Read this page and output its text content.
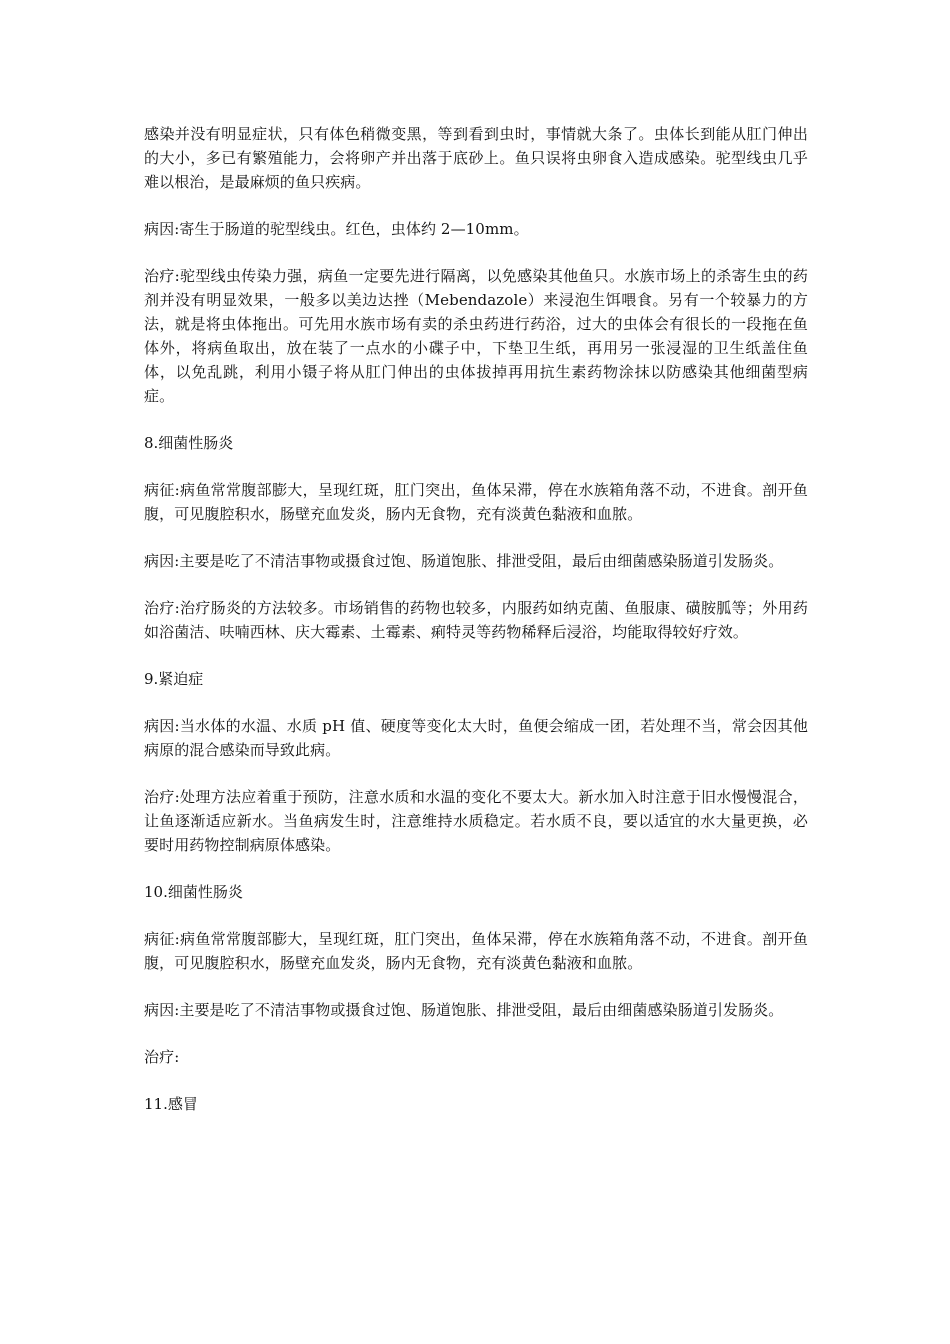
感染并没有明显症状，只有体色稍微变黑，等到看到虫时，事情就大条了。虫体长到能从肛门伸出的大小，多已有繁殖能力，会将卵产并出落于底砂上。鱼只误将虫卵食入造成感染。驼型线虫几乎难以根治，是最麻烦的鱼只疾病。

病因:寄生于肠道的驼型线虫。红色，虫体约 2—10mm。

治疗:驼型线虫传染力强，病鱼一定要先进行隔离，以免感染其他鱼只。水族市场上的杀寄生虫的药剂并没有明显效果，一般多以美边达挫（Mebendazole）来浸泡生饵喂食。另有一个较暴力的方法，就是将虫体拖出。可先用水族市场有卖的杀虫药进行药浴，过大的虫体会有很长的一段拖在鱼体外，将病鱼取出，放在装了一点水的小碟子中，下垫卫生纸，再用另一张浸湿的卫生纸盖住鱼体，以免乱跳，利用小镊子将从肛门伸出的虫体拔掉再用抗生素药物涂抹以防感染其他细菌型病症。

8.细菌性肠炎

病征:病鱼常常腹部膨大，呈现红斑，肛门突出，鱼体呆滞，停在水族箱角落不动，不进食。剖开鱼腹，可见腹腔积水，肠壁充血发炎，肠内无食物，充有淡黄色黏液和血脓。

病因:主要是吃了不清洁事物或摄食过饱、肠道饱胀、排泄受阻，最后由细菌感染肠道引发肠炎。

治疗:治疗肠炎的方法较多。市场销售的药物也较多，内服药如纳克菌、鱼服康、磺胺胍等；外用药如浴菌洁、呋喃西林、庆大霉素、土霉素、痢特灵等药物稀释后浸浴，均能取得较好疗效。

9.紧迫症

病因:当水体的水温、水质 pH 值、硬度等变化太大时，鱼便会缩成一团，若处理不当，常会因其他病原的混合感染而导致此病。

治疗:处理方法应着重于预防，注意水质和水温的变化不要太大。新水加入时注意于旧水慢慢混合，让鱼逐渐适应新水。当鱼病发生时，注意维持水质稳定。若水质不良，要以适宜的水大量更换，必要时用药物控制病原体感染。

10.细菌性肠炎

病征:病鱼常常腹部膨大，呈现红斑，肛门突出，鱼体呆滞，停在水族箱角落不动，不进食。剖开鱼腹，可见腹腔积水，肠壁充血发炎，肠内无食物，充有淡黄色黏液和血脓。

病因:主要是吃了不清洁事物或摄食过饱、肠道饱胀、排泄受阻，最后由细菌感染肠道引发肠炎。

治疗:

11.感冒
